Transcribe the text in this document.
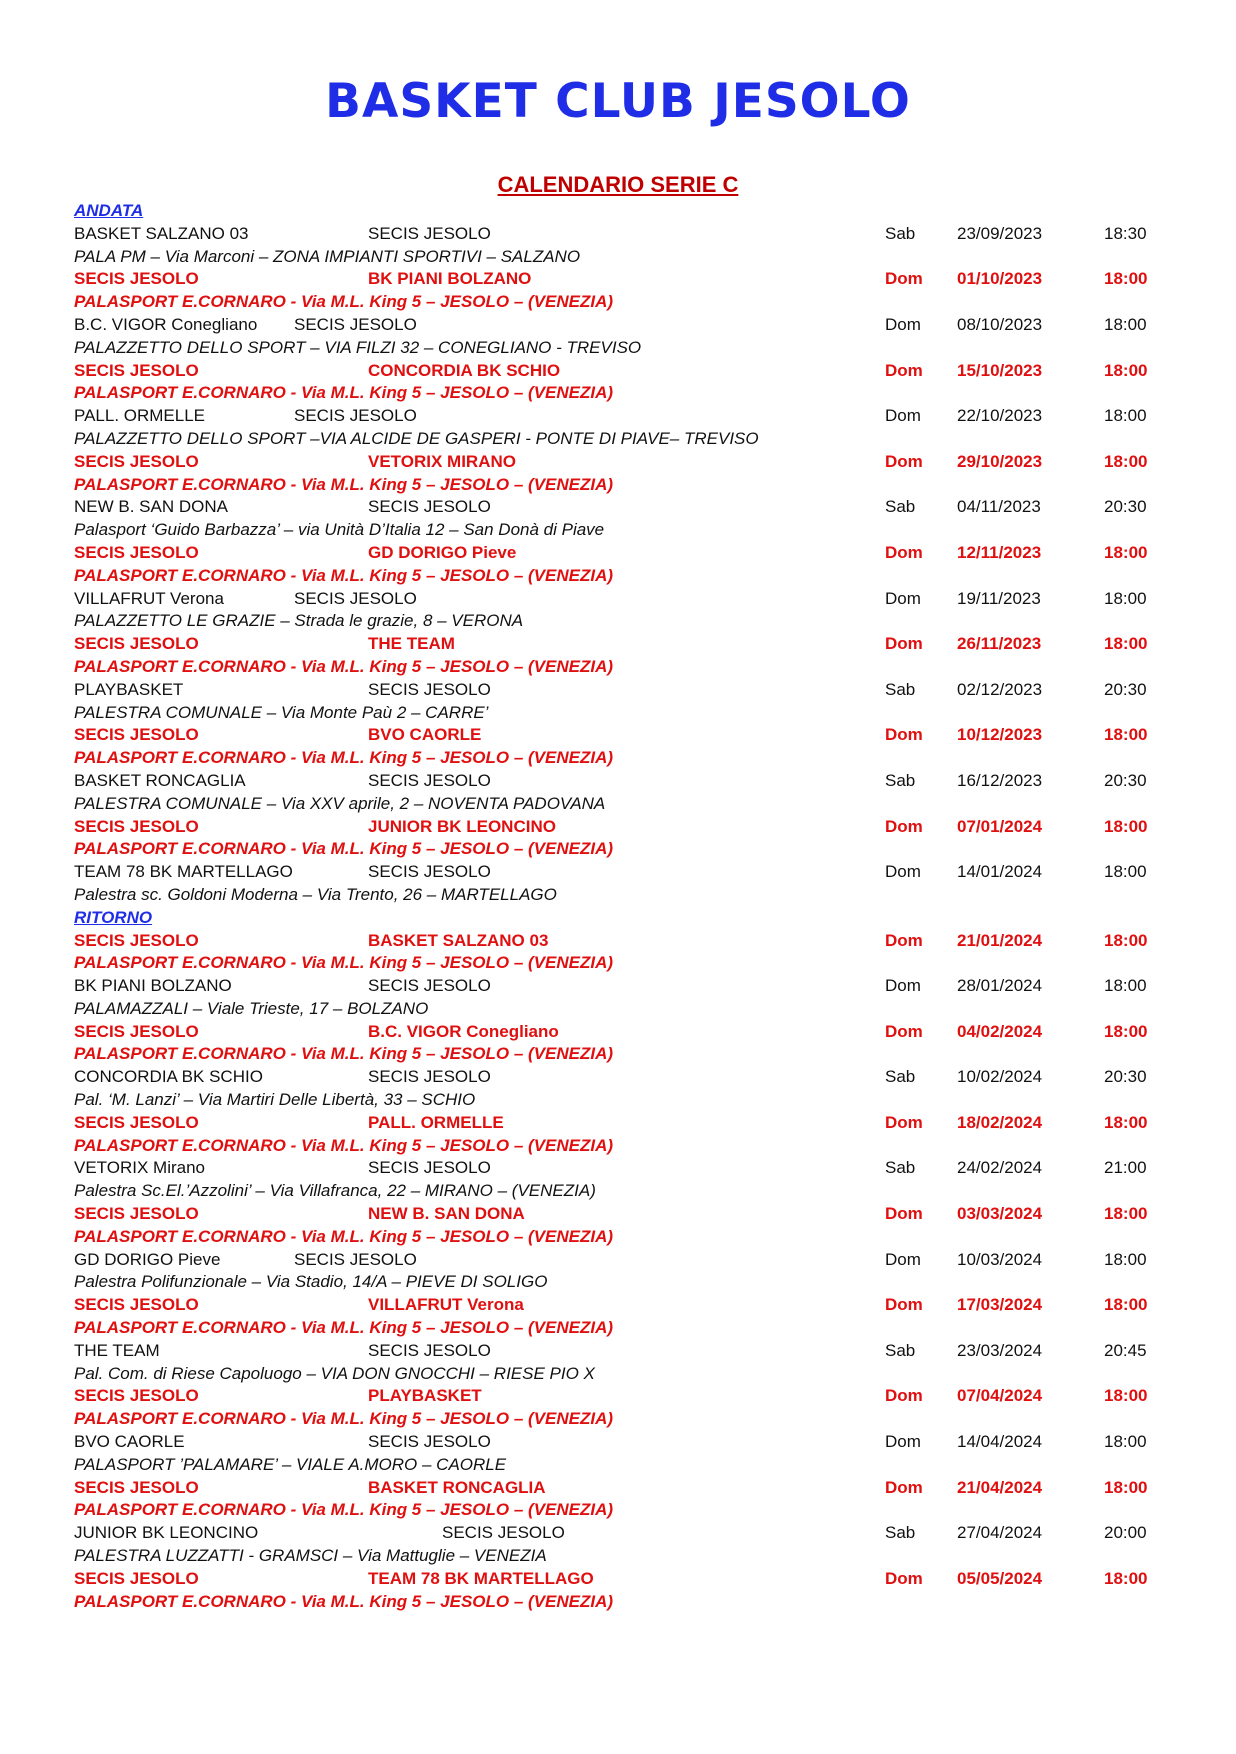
BASKET CLUB JESOLO
CALENDARIO SERIE C
ANDATA
BASKET SALZANO 03	SECIS JESOLO	Sab 23/09/2023	18:30
PALA PM – Via Marconi – ZONA IMPIANTI SPORTIVI – SALZANO
SECIS JESOLO	BK PIANI BOLZANO	Dom 01/10/2023	18:00
PALASPORT E.CORNARO - Via M.L. King 5 – JESOLO – (VENEZIA)
B.C. VIGOR Conegliano SECIS JESOLO	Dom 08/10/2023	18:00
PALAZZETTO DELLO SPORT – VIA FILZI 32 – CONEGLIANO - TREVISO
SECIS JESOLO	CONCORDIA BK SCHIO	Dom 15/10/2023	18:00
PALASPORT E.CORNARO - Via M.L. King 5 – JESOLO – (VENEZIA)
PALL. ORMELLE	SECIS JESOLO	Dom 22/10/2023	18:00
PALAZZETTO DELLO SPORT –VIA ALCIDE DE GASPERI - PONTE DI PIAVE– TREVISO
SECIS JESOLO	VETORIX MIRANO	Dom 29/10/2023	18:00
PALASPORT E.CORNARO - Via M.L. King 5 – JESOLO – (VENEZIA)
NEW B. SAN DONA	SECIS JESOLO	Sab 04/11/2023	20:30
Palasport ‘Guido Barbazza’ – via Unità D’Italia 12 – San Donà di Piave
SECIS JESOLO	GD DORIGO Pieve	Dom 12/11/2023	18:00
PALASPORT E.CORNARO - Via M.L. King 5 – JESOLO – (VENEZIA)
VILLAFRUT Verona	SECIS JESOLO	Dom 19/11/2023	18:00
PALAZZETTO LE GRAZIE – Strada le grazie, 8 – VERONA
SECIS JESOLO	THE TEAM	Dom 26/11/2023	18:00
PALASPORT E.CORNARO - Via M.L. King 5 – JESOLO – (VENEZIA)
PLAYBASKET	SECIS JESOLO	Sab 02/12/2023	20:30
PALESTRA COMUNALE – Via Monte Paù 2 – CARRE’
SECIS JESOLO	BVO CAORLE	Dom 10/12/2023	18:00
PALASPORT E.CORNARO - Via M.L. King 5 – JESOLO – (VENEZIA)
BASKET RONCAGLIA	SECIS JESOLO	Sab 16/12/2023	20:30
PALESTRA COMUNALE – Via XXV aprile, 2 – NOVENTA PADOVANA
SECIS JESOLO	JUNIOR BK LEONCINO	Dom 07/01/2024	18:00
PALASPORT E.CORNARO - Via M.L. King 5 – JESOLO – (VENEZIA)
TEAM 78 BK MARTELLAGO	SECIS JESOLO	Dom 14/01/2024	18:00
Palestra sc. Goldoni Moderna – Via Trento, 26 – MARTELLAGO
RITORNO
SECIS JESOLO	BASKET SALZANO 03	Dom 21/01/2024	18:00
PALASPORT E.CORNARO - Via M.L. King 5 – JESOLO – (VENEZIA)
BK PIANI BOLZANO	SECIS JESOLO	Dom 28/01/2024	18:00
PALAMAZZALI – Viale Trieste, 17 – BOLZANO
SECIS JESOLO	B.C. VIGOR Conegliano	Dom 04/02/2024	18:00
PALASPORT E.CORNARO - Via M.L. King 5 – JESOLO – (VENEZIA)
CONCORDIA BK SCHIO	SECIS JESOLO	Sab 10/02/2024	20:30
Pal. ‘M. Lanzi’ – Via Martiri Delle Libertà, 33 – SCHIO
SECIS JESOLO	PALL. ORMELLE	Dom 18/02/2024	18:00
PALASPORT E.CORNARO - Via M.L. King 5 – JESOLO – (VENEZIA)
VETORIX Mirano	SECIS JESOLO	Sab 24/02/2024	21:00
Palestra Sc.El.’Azzolini’ – Via Villafranca, 22 – MIRANO – (VENEZIA)
SECIS JESOLO	NEW B. SAN DONA	Dom 03/03/2024	18:00
PALASPORT E.CORNARO - Via M.L. King 5 – JESOLO – (VENEZIA)
GD DORIGO Pieve	SECIS JESOLO	Dom 10/03/2024	18:00
Palestra Polifunzionale – Via Stadio, 14/A – PIEVE DI SOLIGO
SECIS JESOLO	VILLAFRUT Verona	Dom 17/03/2024	18:00
PALASPORT E.CORNARO - Via M.L. King 5 – JESOLO – (VENEZIA)
THE TEAM	SECIS JESOLO	Sab 23/03/2024	20:45
Pal. Com. di Riese Capoluogo – VIA DON GNOCCHI – RIESE PIO X
SECIS JESOLO	PLAYBASKET	Dom 07/04/2024	18:00
PALASPORT E.CORNARO - Via M.L. King 5 – JESOLO – (VENEZIA)
BVO CAORLE	SECIS JESOLO	Dom 14/04/2024	18:00
PALASPORT ’PALAMARE’ – VIALE A.MORO – CAORLE
SECIS JESOLO	BASKET RONCAGLIA	Dom 21/04/2024	18:00
PALASPORT E.CORNARO - Via M.L. King 5 – JESOLO – (VENEZIA)
JUNIOR BK LEONCINO	SECIS JESOLO	Sab 27/04/2024	20:00
PALESTRA LUZZATTI - GRAMSCI – Via Mattuglie – VENEZIA
SECIS JESOLO	TEAM 78 BK MARTELLAGO	Dom 05/05/2024	18:00
PALASPORT E.CORNARO - Via M.L. King 5 – JESOLO – (VENEZIA)
